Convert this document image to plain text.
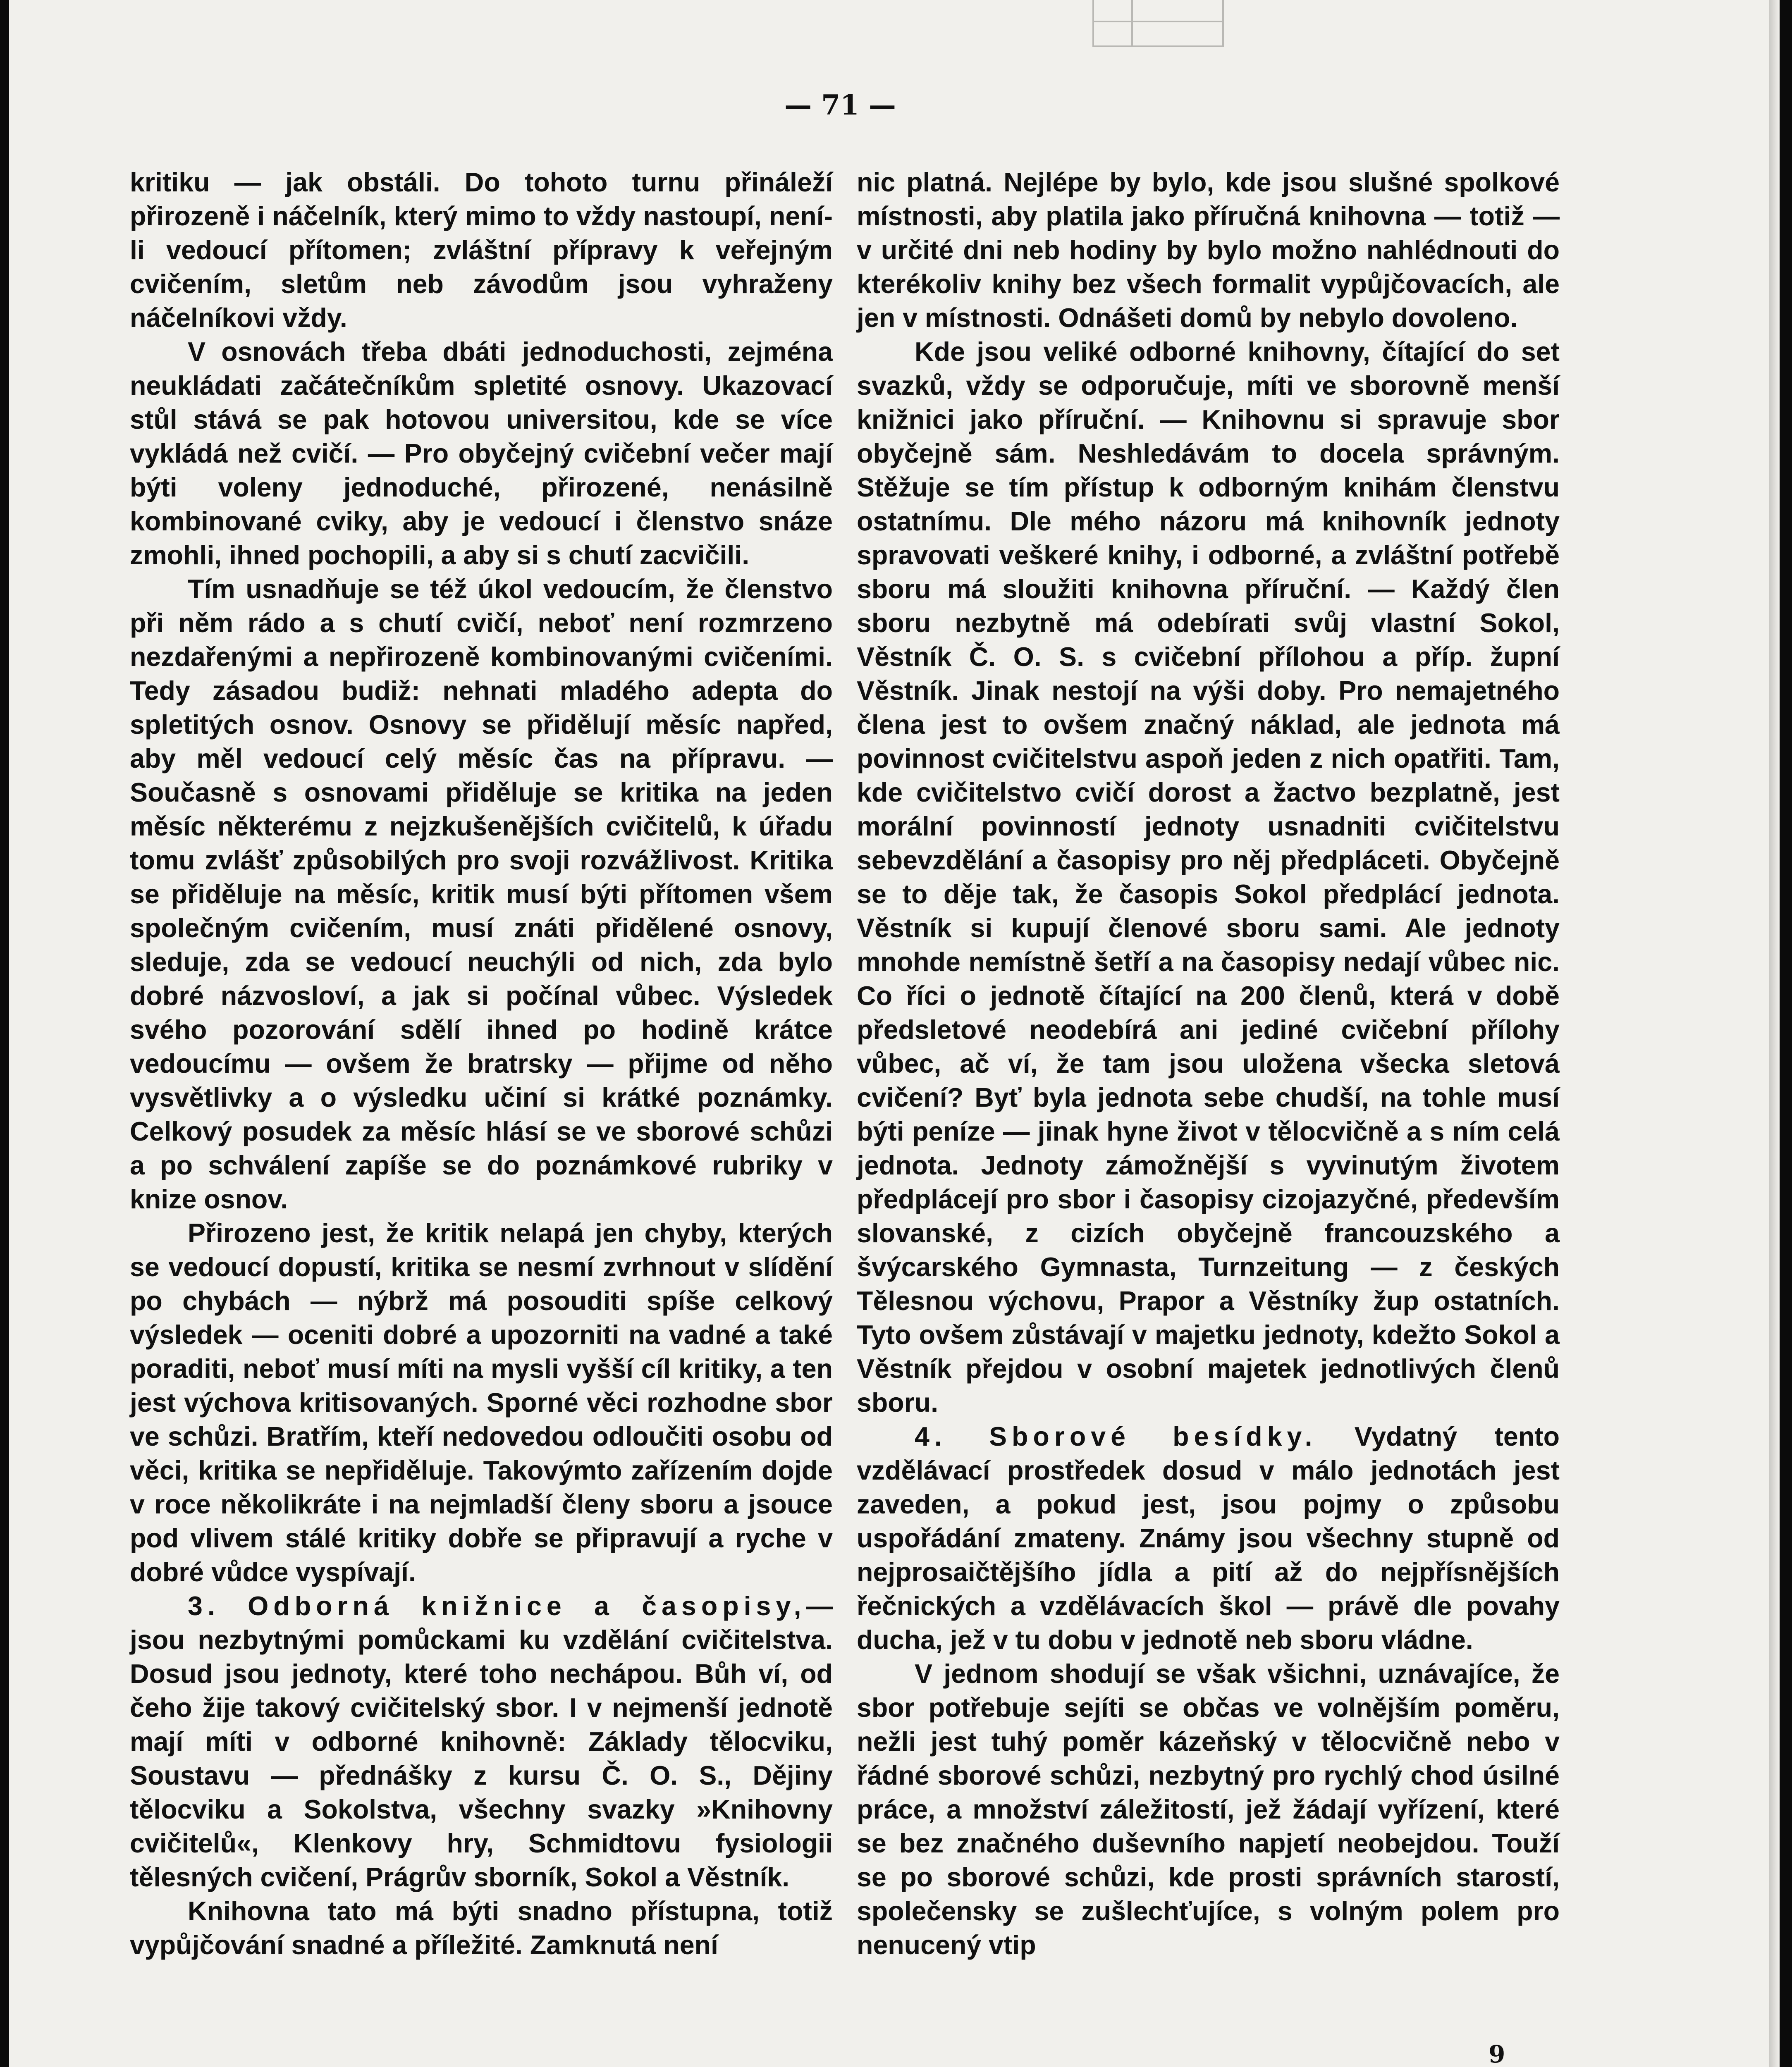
— 71 —

kritiku — jak obstáli. Do tohoto turnu přináleží přirozeně i náčelník, který mimo to vždy nastoupí, není-li vedoucí přítomen; zvláštní přípravy k veřejným cvičením, sletům neb závodům jsou vyhraženy náčelníkovi vždy.

V osnovách třeba dbáti jednoduchosti, zejména neukládati začátečníkům spletité osnovy. Ukazovací stůl stává se pak hotovou universitou, kde se více vykládá než cvičí. — Pro obyčejný cvičební večer mají býti voleny jednoduché, přirozené, nenásilně kombinované cviky, aby je vedoucí i členstvo snáze zmohli, ihned pochopili, a aby si s chutí zacvičili.

Tím usnadňuje se též úkol vedoucím, že členstvo při něm rádo a s chutí cvičí, neboť není rozmrzeno nezdařenými a nepřirozeně kombinovanými cvičeními. Tedy zásadou budiž: nehnati mladého adepta do spletitých osnov. Osnovy se přidělují měsíc napřed, aby měl vedoucí celý měsíc čas na přípravu. — Současně s osnovami přiděluje se kritika na jeden měsíc některému z nejzkušenějších cvičitelů, k úřadu tomu zvlášť způsobilých pro svoji rozvážlivost. Kritika se přiděluje na měsíc, kritik musí býti přítomen všem společným cvičením, musí znáti přidělené osnovy, sleduje, zda se vedoucí neuchýli od nich, zda bylo dobré názvosloví, a jak si počínal vůbec. Výsledek svého pozorování sdělí ihned po hodině krátce vedoucímu — ovšem že bratrsky — přijme od něho vysvětlivky a o výsledku učiní si krátké poznámky. Celkový posudek za měsíc hlásí se ve sborové schůzi a po schválení zapíše se do poznámkové rubriky v knize osnov.

Přirozeno jest, že kritik nelapá jen chyby, kterých se vedoucí dopustí, kritika se nesmí zvrhnout v slídění po chybách — nýbrž má posouditi spíše celkový výsledek — oceniti dobré a upozorniti na vadné a také poraditi, neboť musí míti na mysli vyšší cíl kritiky, a ten jest výchova kritisovaných. Sporné věci rozhodne sbor ve schůzi. Bratřím, kteří nedovedou odloučiti osobu od věci, kritika se nepřiděluje. Takovýmto zařízením dojde v roce několikráte i na nejmladší členy sboru a jsouce pod vlivem stálé kritiky dobře se připravují a ryche v dobré vůdce vyspívají.

3. Odborná knižnice a časopisy,— jsou nezbytnými pomůckami ku vzdělání cvičitelstva. Dosud jsou jednoty, které toho nechápou. Bůh ví, od čeho žije takový cvičitelský sbor. I v nejmenší jednotě mají míti v odborné knihovně: Základy tělocviku, Soustavu — přednášky z kursu Č. O. S., Dějiny tělocviku a Sokolstva, všechny svazky »Knihovny cvičitelů«, Klenkovy hry, Schmidtovu fysiologii tělesných cvičení, Prágrův sborník, Sokol a Věstník.

Knihovna tato má býti snadno přístupna, totiž vypůjčování snadné a příležité. Zamknutá není

nic platná. Nejlépe by bylo, kde jsou slušné spolkové místnosti, aby platila jako příručná knihovna — totiž — v určité dni neb hodiny by bylo možno nahlédnouti do kterékoliv knihy bez všech formalit vypůjčovacích, ale jen v místnosti. Odnášeti domů by nebylo dovoleno.

Kde jsou veliké odborné knihovny, čítající do set svazků, vždy se odporučuje, míti ve sborovně menší knižnici jako příruční. — Knihovnu si spravuje sbor obyčejně sám. Neshledávám to docela správným. Stěžuje se tím přístup k odborným knihám členstvu ostatnímu. Dle mého názoru má knihovník jednoty spravovati veškeré knihy, i odborné, a zvláštní potřebě sboru má sloužiti knihovna příruční. — Každý člen sboru nezbytně má odebírati svůj vlastní Sokol, Věstník Č. O. S. s cvičební přílohou a příp. župní Věstník. Jinak nestojí na výši doby. Pro nemajetného člena jest to ovšem značný náklad, ale jednota má povinnost cvičitelstvu aspoň jeden z nich opatřiti. Tam, kde cvičitelstvo cvičí dorost a žactvo bezplatně, jest morální povinností jednoty usnadniti cvičitelstvu sebevzdělání a časopisy pro něj předpláceti. Obyčejně se to děje tak, že časopis Sokol předplácí jednota. Věstník si kupují členové sboru sami. Ale jednoty mnohde nemístně šetří a na časopisy nedají vůbec nic. Co říci o jednotě čítající na 200 členů, která v době předsletové neodebírá ani jediné cvičební přílohy vůbec, ač ví, že tam jsou uložena všecka sletová cvičení? Byť byla jednota sebe chudší, na tohle musí býti peníze — jinak hyne život v tělocvičně a s ním celá jednota. Jednoty zámožnější s vyvinutým životem předplácejí pro sbor i časopisy cizojazyčné, především slovanské, z cizích obyčejně francouzského a švýcarského Gymnasta, Turnzeitung — z českých Tělesnou výchovu, Prapor a Věstníky žup ostatních. Tyto ovšem zůstávají v majetku jednoty, kdežto Sokol a Věstník přejdou v osobní majetek jednotlivých členů sboru.

4. Sborové besídky. Vydatný tento vzdělávací prostředek dosud v málo jednotách jest zaveden, a pokud jest, jsou pojmy o způsobu uspořádání zmateny. Známy jsou všechny stupně od nejprosaičtějšího jídla a pití až do nejpřísnějších řečnických a vzdělávacích škol — právě dle povahy ducha, jež v tu dobu v jednotě neb sboru vládne.

V jednom shodují se však všichni, uznávajíce, že sbor potřebuje sejíti se občas ve volnějším poměru, nežli jest tuhý poměr kázeňský v tělocvičně nebo v řádné sborové schůzi, nezbytný pro rychlý chod úsilné práce, a množství záležitostí, jež žádají vyřízení, které se bez značného duševního napjetí neobejdou. Touží se po sborové schůzi, kde prosti správních starostí, společensky se zušlechťujíce, s volným polem pro nenucený vtip

9
